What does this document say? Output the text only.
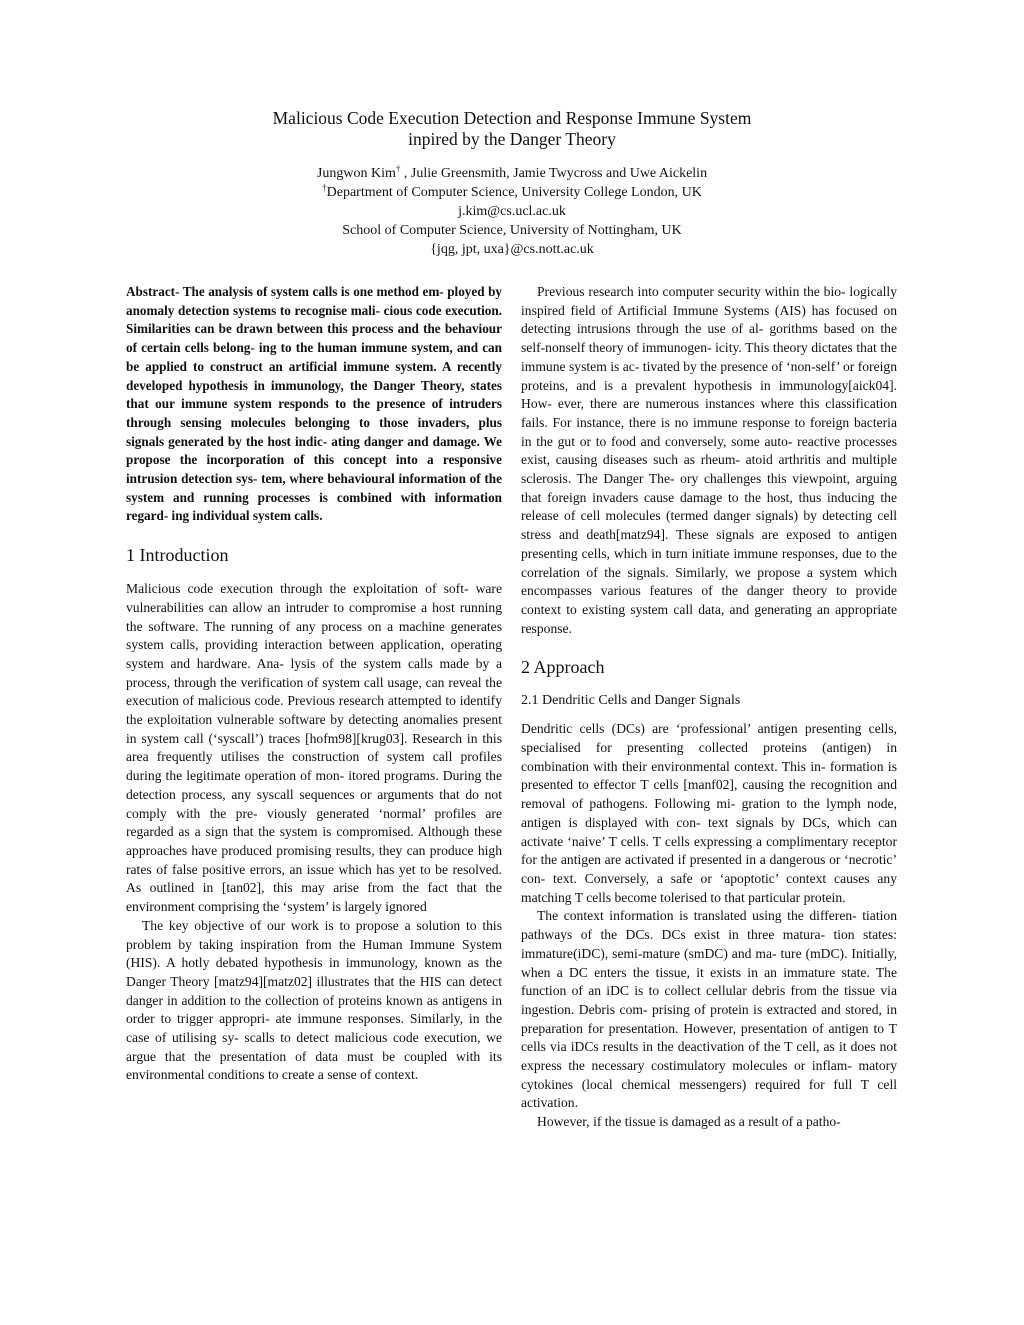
Malicious Code Execution Detection and Response Immune System
inpired by the Danger Theory
Jungwon Kim† , Julie Greensmith, Jamie Twycross and Uwe Aickelin
†Department of Computer Science, University College London, UK
j.kim@cs.ucl.ac.uk
School of Computer Science, University of Nottingham, UK
{jqg, jpt, uxa}@cs.nott.ac.uk

Abstract- The analysis of system calls is one method em- ployed by anomaly detection systems to recognise mali- cious code execution. Similarities can be drawn between this process and the behaviour of certain cells belong- ing to the human immune system, and can be applied to construct an artificial immune system. A recently developed hypothesis in immunology, the Danger Theory, states that our immune system responds to the presence of intruders through sensing molecules belonging to those invaders, plus signals generated by the host indic- ating danger and damage. We propose the incorporation of this concept into a responsive intrusion detection sys- tem, where behavioural information of the system and running processes is combined with information regard- ing individual system calls.

1 Introduction

Malicious code execution through the exploitation of soft- ware vulnerabilities can allow an intruder to compromise a host running the software. The running of any process on a machine generates system calls, providing interaction between application, operating system and hardware. Ana- lysis of the system calls made by a process, through the verification of system call usage, can reveal the execution of malicious code. Previous research attempted to identify the exploitation vulnerable software by detecting anomalies present in system call (‘syscall’) traces [hofm98][krug03]. Research in this area frequently utilises the construction of system call profiles during the legitimate operation of mon- itored programs. During the detection process, any syscall sequences or arguments that do not comply with the pre- viously generated ‘normal’ profiles are regarded as a sign that the system is compromised. Although these approaches have produced promising results, they can produce high rates of false positive errors, an issue which has yet to be resolved. As outlined in [tan02], this may arise from the fact that the environment comprising the ‘system’ is largely ignored

The key objective of our work is to propose a solution to this problem by taking inspiration from the Human Immune System (HIS). A hotly debated hypothesis in immunology, known as the Danger Theory [matz94][matz02] illustrates that the HIS can detect danger in addition to the collection of proteins known as antigens in order to trigger appropri- ate immune responses. Similarly, in the case of utilising sy- scalls to detect malicious code execution, we argue that the presentation of data must be coupled with its environmental conditions to create a sense of context.

Previous research into computer security within the bio- logically inspired field of Artificial Immune Systems (AIS) has focused on detecting intrusions through the use of al- gorithms based on the self-nonself theory of immunogen- icity. This theory dictates that the immune system is ac- tivated by the presence of ‘non-self’ or foreign proteins, and is a prevalent hypothesis in immunology[aick04]. How- ever, there are numerous instances where this classification fails. For instance, there is no immune response to foreign bacteria in the gut or to food and conversely, some auto- reactive processes exist, causing diseases such as rheum- atoid arthritis and multiple sclerosis. The Danger The- ory challenges this viewpoint, arguing that foreign invaders cause damage to the host, thus inducing the release of cell molecules (termed danger signals) by detecting cell stress and death[matz94]. These signals are exposed to antigen presenting cells, which in turn initiate immune responses, due to the correlation of the signals. Similarly, we propose a system which encompasses various features of the danger theory to provide context to existing system call data, and generating an appropriate response.

2 Approach
2.1 Dendritic Cells and Danger Signals

Dendritic cells (DCs) are ‘professional’ antigen presenting cells, specialised for presenting collected proteins (antigen) in combination with their environmental context. This in- formation is presented to effector T cells [manf02], causing the recognition and removal of pathogens. Following mi- gration to the lymph node, antigen is displayed with con- text signals by DCs, which can activate ‘naive’ T cells. T cells expressing a complimentary receptor for the antigen are activated if presented in a dangerous or ‘necrotic’ con- text. Conversely, a safe or ‘apoptotic’ context causes any matching T cells become tolerised to that particular protein.

The context information is translated using the differen- tiation pathways of the DCs. DCs exist in three matura- tion states: immature(iDC), semi-mature (smDC) and ma- ture (mDC). Initially, when a DC enters the tissue, it exists in an immature state. The function of an iDC is to collect cellular debris from the tissue via ingestion. Debris com- prising of protein is extracted and stored, in preparation for presentation. However, presentation of antigen to T cells via iDCs results in the deactivation of the T cell, as it does not express the necessary costimulatory molecules or inflam- matory cytokines (local chemical messengers) required for full T cell activation.

However, if the tissue is damaged as a result of a patho-
